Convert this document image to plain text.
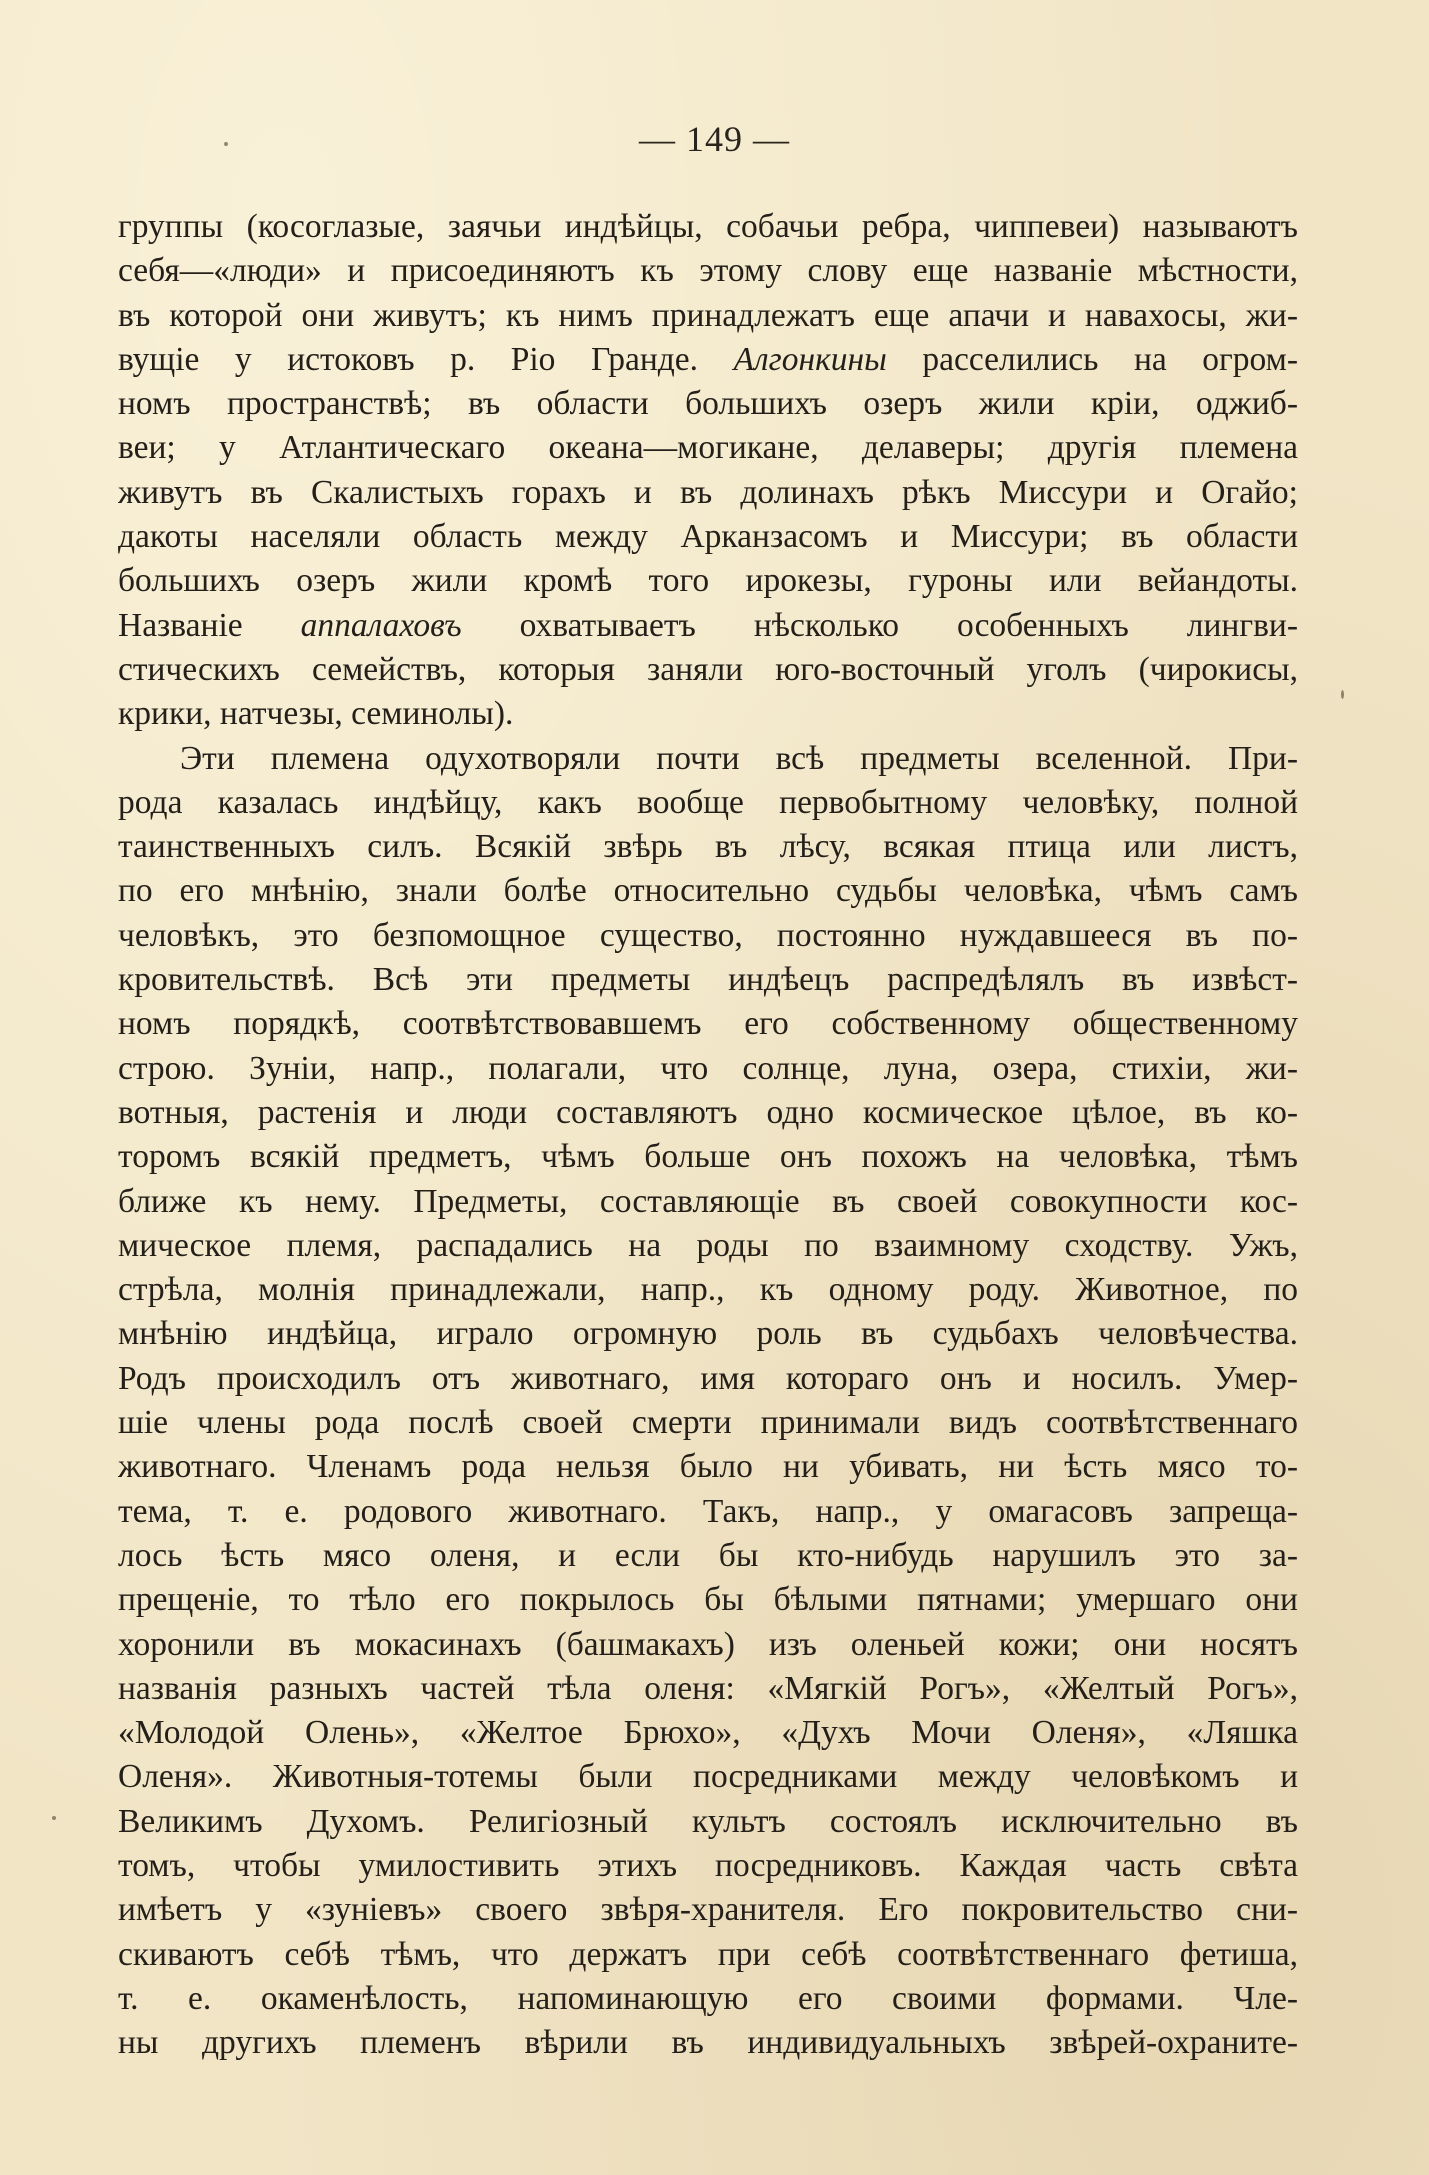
— 149 —

группы (косоглазые, заячьи индѣйцы, собачьи ребра, чиппевеи) называютъ
себя—«люди» и присоединяютъ къ этому слову еще названіе мѣстности,
въ которой они живутъ; къ нимъ принадлежатъ еще апачи и навахосы, жи-
вущіе у истоковъ р. Ріо Гранде. Алгонкины расселились на огром-
номъ пространствѣ; въ области большихъ озеръ жили кріи, оджиб-
веи; у Атлантическаго океана—могикане, делаверы; другія племена
живутъ въ Скалистыхъ горахъ и въ долинахъ рѣкъ Миссури и Огайо;
дакоты населяли область между Арканзасомъ и Миссури; въ области
большихъ озеръ жили кромѣ того ирокезы, гуроны или вейандоты.
Названіе аппалаховъ охватываетъ нѣсколько особенныхъ лингви-
стическихъ семействъ, которыя заняли юго-восточный уголъ (чирокисы,
крики, натчезы, семинолы).

Эти племена одухотворяли почти всѣ предметы вселенной. При-
рода казалась индѣйцу, какъ вообще первобытному человѣку, полной
таинственныхъ силъ. Всякій звѣрь въ лѣсу, всякая птица или листъ,
по его мнѣнію, знали болѣе относительно судьбы человѣка, чѣмъ самъ
человѣкъ, это безпомощное существо, постоянно нуждавшееся въ по-
кровительствѣ. Всѣ эти предметы индѣецъ распредѣлялъ въ извѣст-
номъ порядкѣ, соотвѣтствовавшемъ его собственному общественному
строю. Зуніи, напр., полагали, что солнце, луна, озера, стихіи, жи-
вотныя, растенія и люди составляютъ одно космическое цѣлое, въ ко-
торомъ всякій предметъ, чѣмъ больше онъ похожъ на человѣка, тѣмъ
ближе къ нему. Предметы, составляющіе въ своей совокупности кос-
мическое племя, распадались на роды по взаимному сходству. Ужъ,
стрѣла, молнія принадлежали, напр., къ одному роду. Животное, по
мнѣнію индѣйца, играло огромную роль въ судьбахъ человѣчества.
Родъ происходилъ отъ животнаго, имя котораго онъ и носилъ. Умер-
шіе члены рода послѣ своей смерти принимали видъ соотвѣтственнаго
животнаго. Членамъ рода нельзя было ни убивать, ни ѣсть мясо то-
тема, т. е. родового животнаго. Такъ, напр., у омагасовъ запреща-
лось ѣсть мясо оленя, и если бы кто-нибудь нарушилъ это за-
прещеніе, то тѣло его покрылось бы бѣлыми пятнами; умершаго они
хоронили въ мокасинахъ (башмакахъ) изъ оленьей кожи; они носятъ
названія разныхъ частей тѣла оленя: «Мягкій Рогъ», «Желтый Рогъ»,
«Молодой Олень», «Желтое Брюхо», «Духъ Мочи Оленя», «Ляшка
Оленя». Животныя-тотемы были посредниками между человѣкомъ и
Великимъ Духомъ. Религіозный культъ состоялъ исключительно въ
томъ, чтобы умилостивить этихъ посредниковъ. Каждая часть свѣта
имѣетъ у «зуніевъ» своего звѣря-хранителя. Его покровительство сни-
скиваютъ себѣ тѣмъ, что держатъ при себѣ соотвѣтственнаго фетиша,
т. е. окаменѣлость, напоминающую его своими формами. Чле-
ны другихъ племенъ вѣрили въ индивидуальныхъ звѣрей-охраните-
